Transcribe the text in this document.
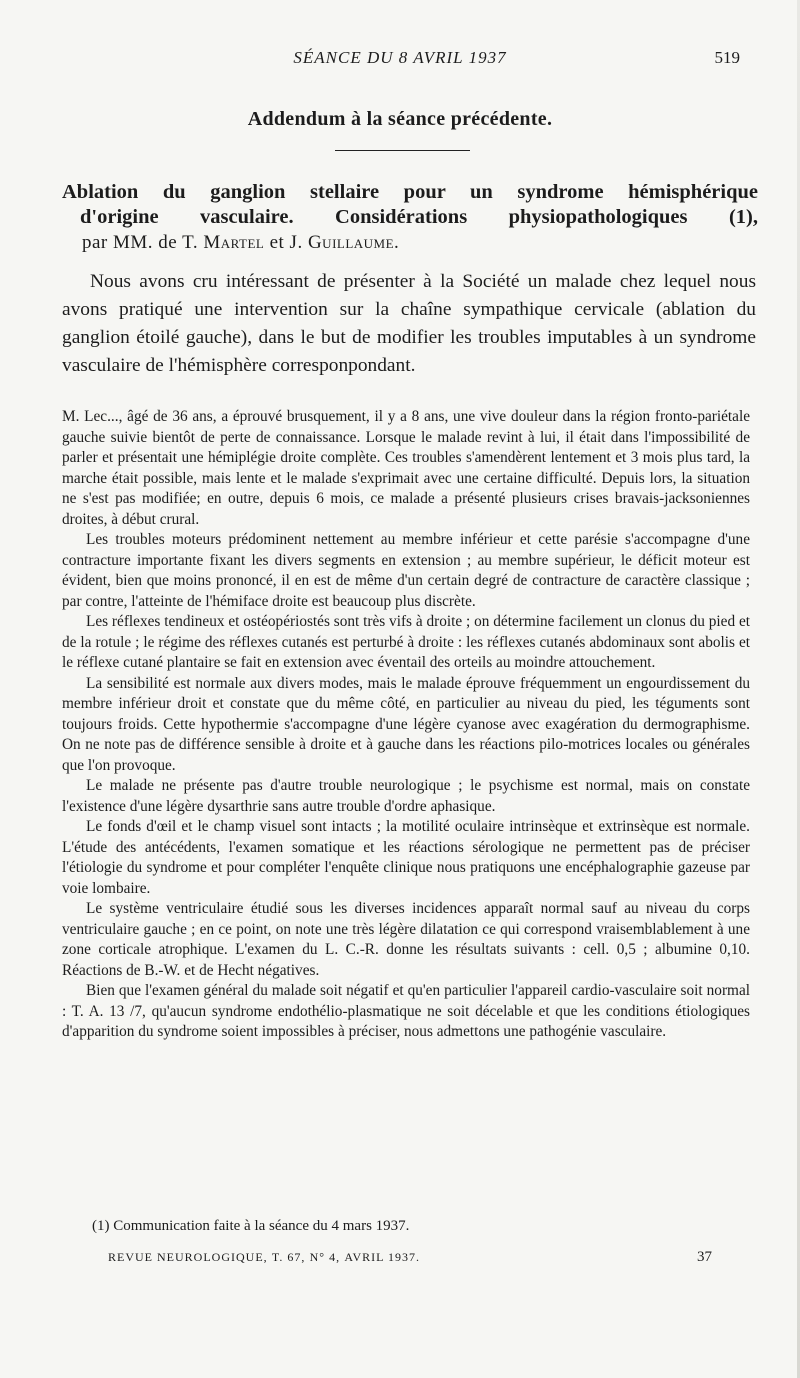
SÉANCE DU 8 AVRIL 1937	519
Addendum à la séance précédente.
Ablation du ganglion stellaire pour un syndrome hémisphérique
d'origine vasculaire. Considérations physiopathologiques (1),
par MM. de T. Martel et J. Guillaume.

Nous avons cru intéressant de présenter à la Société un malade chez lequel nous avons pratiqué une intervention sur la chaîne sympathique cervicale (ablation du ganglion étoilé gauche), dans le but de modifier les troubles imputables à un syndrome vasculaire de l'hémisphère corresponpondant.

M. Lec..., âgé de 36 ans, a éprouvé brusquement, il y a 8 ans, une vive douleur dans la région fronto-pariétale gauche suivie bientôt de perte de connaissance. Lorsque le malade revint à lui, il était dans l'impossibilité de parler et présentait une hémiplégie droite complète. Ces troubles s'amendèrent lentement et 3 mois plus tard, la marche était possible, mais lente et le malade s'exprimait avec une certaine difficulté. Depuis lors, la situation ne s'est pas modifiée; en outre, depuis 6 mois, ce malade a présenté plusieurs crises bravais-jacksoniennes droites, à début crural.

Les troubles moteurs prédominent nettement au membre inférieur et cette parésie s'accompagne d'une contracture importante fixant les divers segments en extension ; au membre supérieur, le déficit moteur est évident, bien que moins prononcé, il en est de même d'un certain degré de contracture de caractère classique ; par contre, l'atteinte de l'hémiface droite est beaucoup plus discrète.

Les réflexes tendineux et ostéopériostés sont très vifs à droite ; on détermine facilement un clonus du pied et de la rotule ; le régime des réflexes cutanés est perturbé à droite : les réflexes cutanés abdominaux sont abolis et le réflexe cutané plantaire se fait en extension avec éventail des orteils au moindre attouchement.

La sensibilité est normale aux divers modes, mais le malade éprouve fréquemment un engourdissement du membre inférieur droit et constate que du même côté, en particulier au niveau du pied, les téguments sont toujours froids. Cette hypothermie s'accompagne d'une légère cyanose avec exagération du dermographisme. On ne note pas de différence sensible à droite et à gauche dans les réactions pilo-motrices locales ou générales que l'on provoque.

Le malade ne présente pas d'autre trouble neurologique ; le psychisme est normal, mais on constate l'existence d'une légère dysarthrie sans autre trouble d'ordre aphasique.

Le fonds d'œil et le champ visuel sont intacts ; la motilité oculaire intrinsèque et extrinsèque est normale. L'étude des antécédents, l'examen somatique et les réactions sérologique ne permettent pas de préciser l'étiologie du syndrome et pour compléter l'enquête clinique nous pratiquons une encéphalographie gazeuse par voie lombaire.

Le système ventriculaire étudié sous les diverses incidences apparaît normal sauf au niveau du corps ventriculaire gauche ; en ce point, on note une très légère dilatation ce qui correspond vraisemblablement à une zone corticale atrophique. L'examen du L. C.-R. donne les résultats suivants : cell. 0,5 ; albumine 0,10. Réactions de B.-W. et de Hecht négatives.

Bien que l'examen général du malade soit négatif et qu'en particulier l'appareil cardio-vasculaire soit normal : T. A. 13 /7, qu'aucun syndrome endothélio-plasmatique ne soit décelable et que les conditions étiologiques d'apparition du syndrome soient impossibles à préciser, nous admettons une pathogénie vasculaire.

(1) Communication faite à la séance du 4 mars 1937.
REVUE NEUROLOGIQUE, T. 67, N° 4, AVRIL 1937.	37
